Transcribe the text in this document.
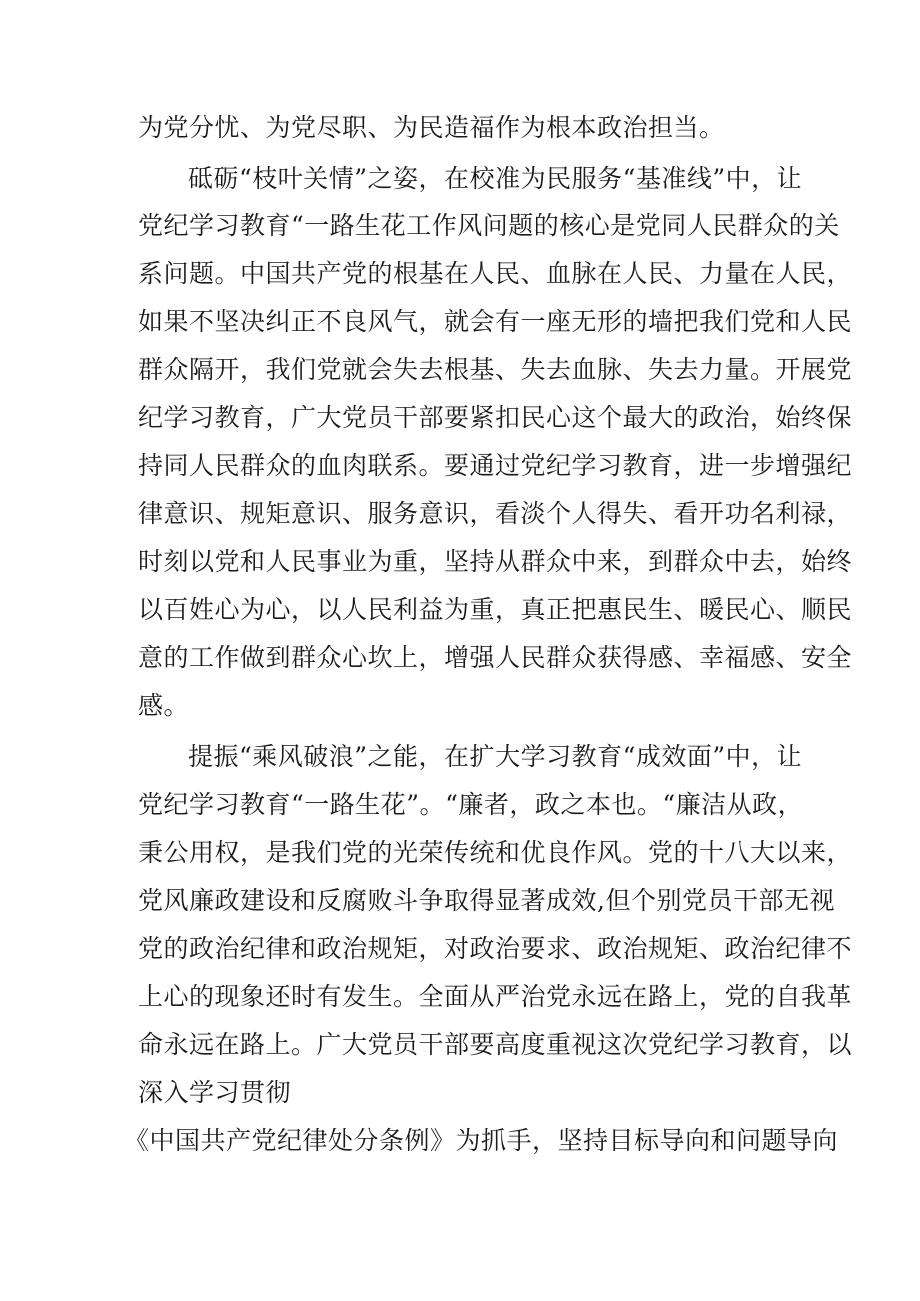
为党分忧、为党尽职、为民造福作为根本政治担当。
砥砺“枝叶关情”之姿，在校准为民服务“基准线”中，让
党纪学习教育“一路生花工作风问题的核心是党同人民群众的关
系问题。中国共产党的根基在人民、血脉在人民、力量在人民，
如果不坚决纠正不良风气，就会有一座无形的墙把我们党和人民
群众隔开，我们党就会失去根基、失去血脉、失去力量。开展党
纪学习教育，广大党员干部要紧扣民心这个最大的政治，始终保
持同人民群众的血肉联系。要通过党纪学习教育，进一步增强纪
律意识、规矩意识、服务意识，看淡个人得失、看开功名利禄，
时刻以党和人民事业为重，坚持从群众中来，到群众中去，始终
以百姓心为心，以人民利益为重，真正把惠民生、暖民心、顺民
意的工作做到群众心坎上，增强人民群众获得感、幸福感、安全
感。
提振“乘风破浪”之能，在扩大学习教育“成效面”中，让
党纪学习教育“一路生花”。“廉者，政之本也。“廉洁从政，
秉公用权，是我们党的光荣传统和优良作风。党的十八大以来，
党风廉政建设和反腐败斗争取得显著成效,但个别党员干部无视
党的政治纪律和政治规矩，对政治要求、政治规矩、政治纪律不
上心的现象还时有发生。全面从严治党永远在路上，党的自我革
命永远在路上。广大党员干部要高度重视这次党纪学习教育，以
深入学习贯彻
《中国共产党纪律处分条例》为抓手，坚持目标导向和问题导向
